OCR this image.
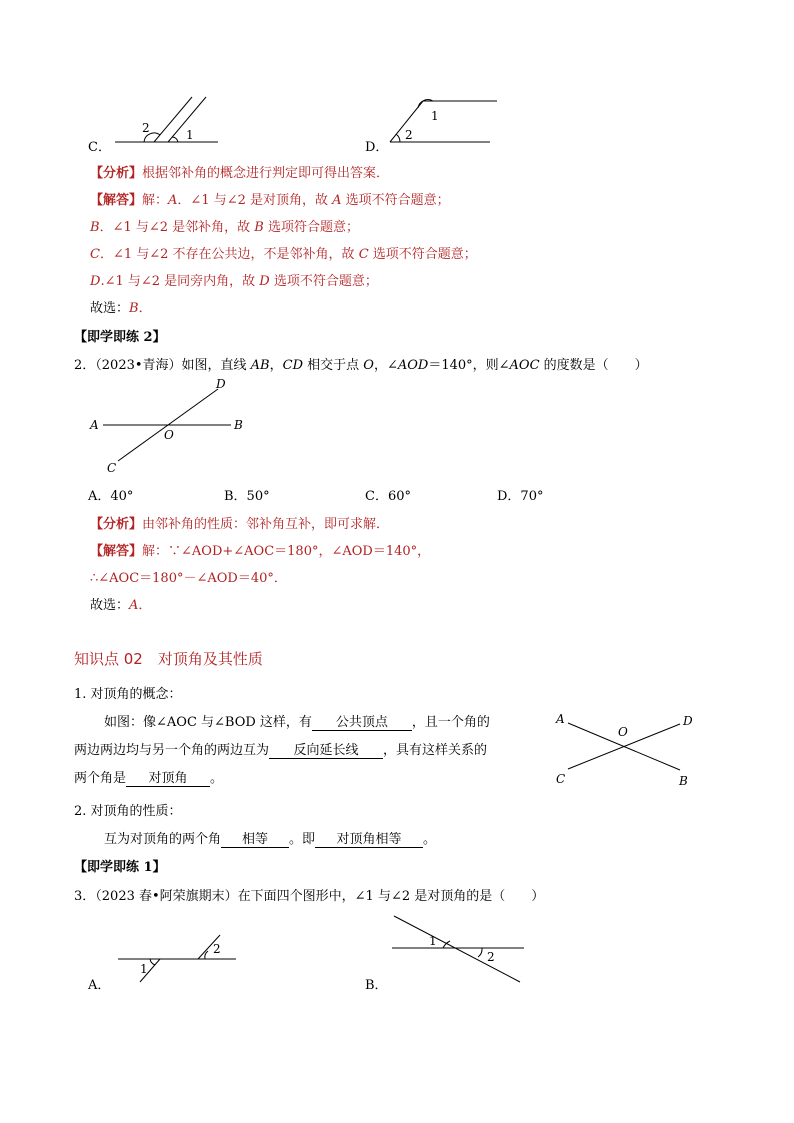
2	1
C．
1
2
D．
【分析】根据邻补角的概念进行判定即可得出答案．
【解答】解：A．∠1 与∠2 是对顶角，故 A 选项不符合题意；
B．∠1 与∠2 是邻补角，故 B 选项符合题意；
C．∠1 与∠2 不存在公共边，不是邻补角，故 C 选项不符合题意；
D.∠1 与∠2 是同旁内角，故 D 选项不符合题意；
故选：B．
【即学即练 2】
2．（2023•青海）如图，直线 AB，CD 相交于点 O，∠AOD＝140°，则∠AOC 的度数是（　　）
A	B
C
D
O
A．40°	B．50°	C．60°	D．70°
【分析】由邻补角的性质：邻补角互补，即可求解．
【解答】解：∵∠AOD+∠AOC＝180°，∠AOD＝140°，
∴∠AOC＝180°－∠AOD＝40°．
故选：A．
知识点 02　对顶角及其性质
1. 对顶角的概念：
如图：像∠AOC 与∠BOD 这样，有 公共顶点 ，且一个角的
两边两边均与另一个角的两边互为 反向延长线 ，具有这样关系的
两个角是 对顶角 。
A	D
C	B
O
2. 对顶角的性质：
互为对顶角的两个角 相等 。即 对顶角相等 。
【即学即练 1】
3．（2023 春•阿荣旗期末）在下面四个图形中，∠1 与∠2 是对顶角的是（　　）
1
2
A．
1
2
B．
